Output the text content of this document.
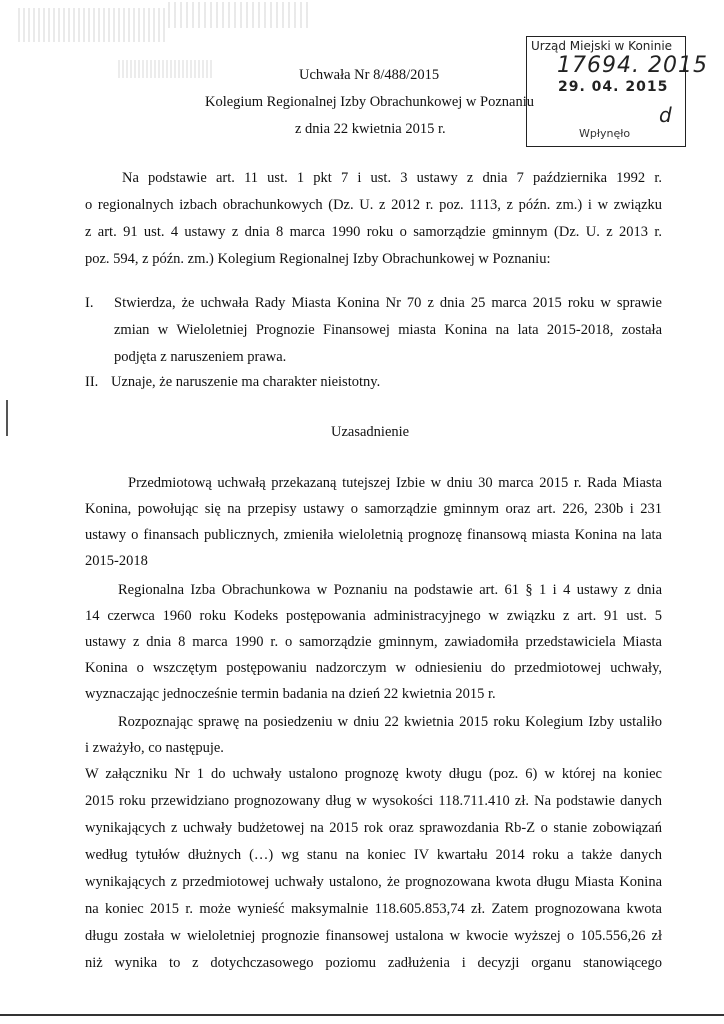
Uchwała Nr 8/488/2015
Kolegium Regionalnej Izby Obrachunkowej w Poznaniu
z dnia 22 kwietnia 2015 r.
Urząd Miejski w Koninie
17694. 2015
29. 04. 2015
d
Wpłynęło
Na podstawie art. 11 ust. 1 pkt 7 i ust. 3 ustawy z dnia 7 października 1992 r.
o regionalnych izbach obrachunkowych (Dz. U. z 2012 r. poz. 1113, z późn. zm.) i w związku
z art. 91 ust. 4 ustawy z dnia 8 marca 1990 roku o samorządzie gminnym (Dz. U. z 2013 r.
poz. 594, z późn. zm.) Kolegium Regionalnej Izby Obrachunkowej w Poznaniu:
I. Stwierdza, że uchwała Rady Miasta Konina Nr 70 z dnia 25 marca 2015 roku w sprawie
zmian w Wieloletniej Prognozie Finansowej miasta Konina na lata 2015-2018, została
podjęta z naruszeniem prawa.
II. Uznaje, że naruszenie ma charakter nieistotny.
Uzasadnienie
Przedmiotową uchwałą przekazaną tutejszej Izbie w dniu 30 marca 2015 r. Rada Miasta
Konina, powołując się na przepisy ustawy o samorządzie gminnym oraz art. 226, 230b i 231
ustawy o finansach publicznych, zmieniła wieloletnią prognozę finansową miasta Konina na lata
2015-2018
Regionalna Izba Obrachunkowa w Poznaniu na podstawie art. 61 § 1 i 4 ustawy z dnia
14 czerwca 1960 roku Kodeks postępowania administracyjnego w związku z art. 91 ust. 5
ustawy z dnia 8 marca 1990 r. o samorządzie gminnym, zawiadomiła przedstawiciela Miasta
Konina o wszczętym postępowaniu nadzorczym w odniesieniu do przedmiotowej uchwały,
wyznaczając jednocześnie termin badania na dzień 22 kwietnia 2015 r.
Rozpoznając sprawę na posiedzeniu w dniu 22 kwietnia 2015 roku Kolegium Izby ustaliło
i zważyło, co następuje.
W załączniku Nr 1 do uchwały ustalono prognozę kwoty długu (poz. 6) w której na koniec
2015 roku przewidziano prognozowany dług w wysokości 118.711.410 zł. Na podstawie danych
wynikających z uchwały budżetowej na 2015 rok oraz sprawozdania Rb-Z o stanie zobowiązań
według tytułów dłużnych (…) wg stanu na koniec IV kwartału 2014 roku a także danych
wynikających z przedmiotowej uchwały ustalono, że prognozowana kwota długu Miasta Konina
na koniec 2015 r. może wynieść maksymalnie 118.605.853,74 zł. Zatem prognozowana kwota
długu została w wieloletniej prognozie finansowej ustalona w kwocie wyższej o 105.556,26 zł
niż wynika to z dotychczasowego poziomu zadłużenia i decyzji organu stanowiącego
